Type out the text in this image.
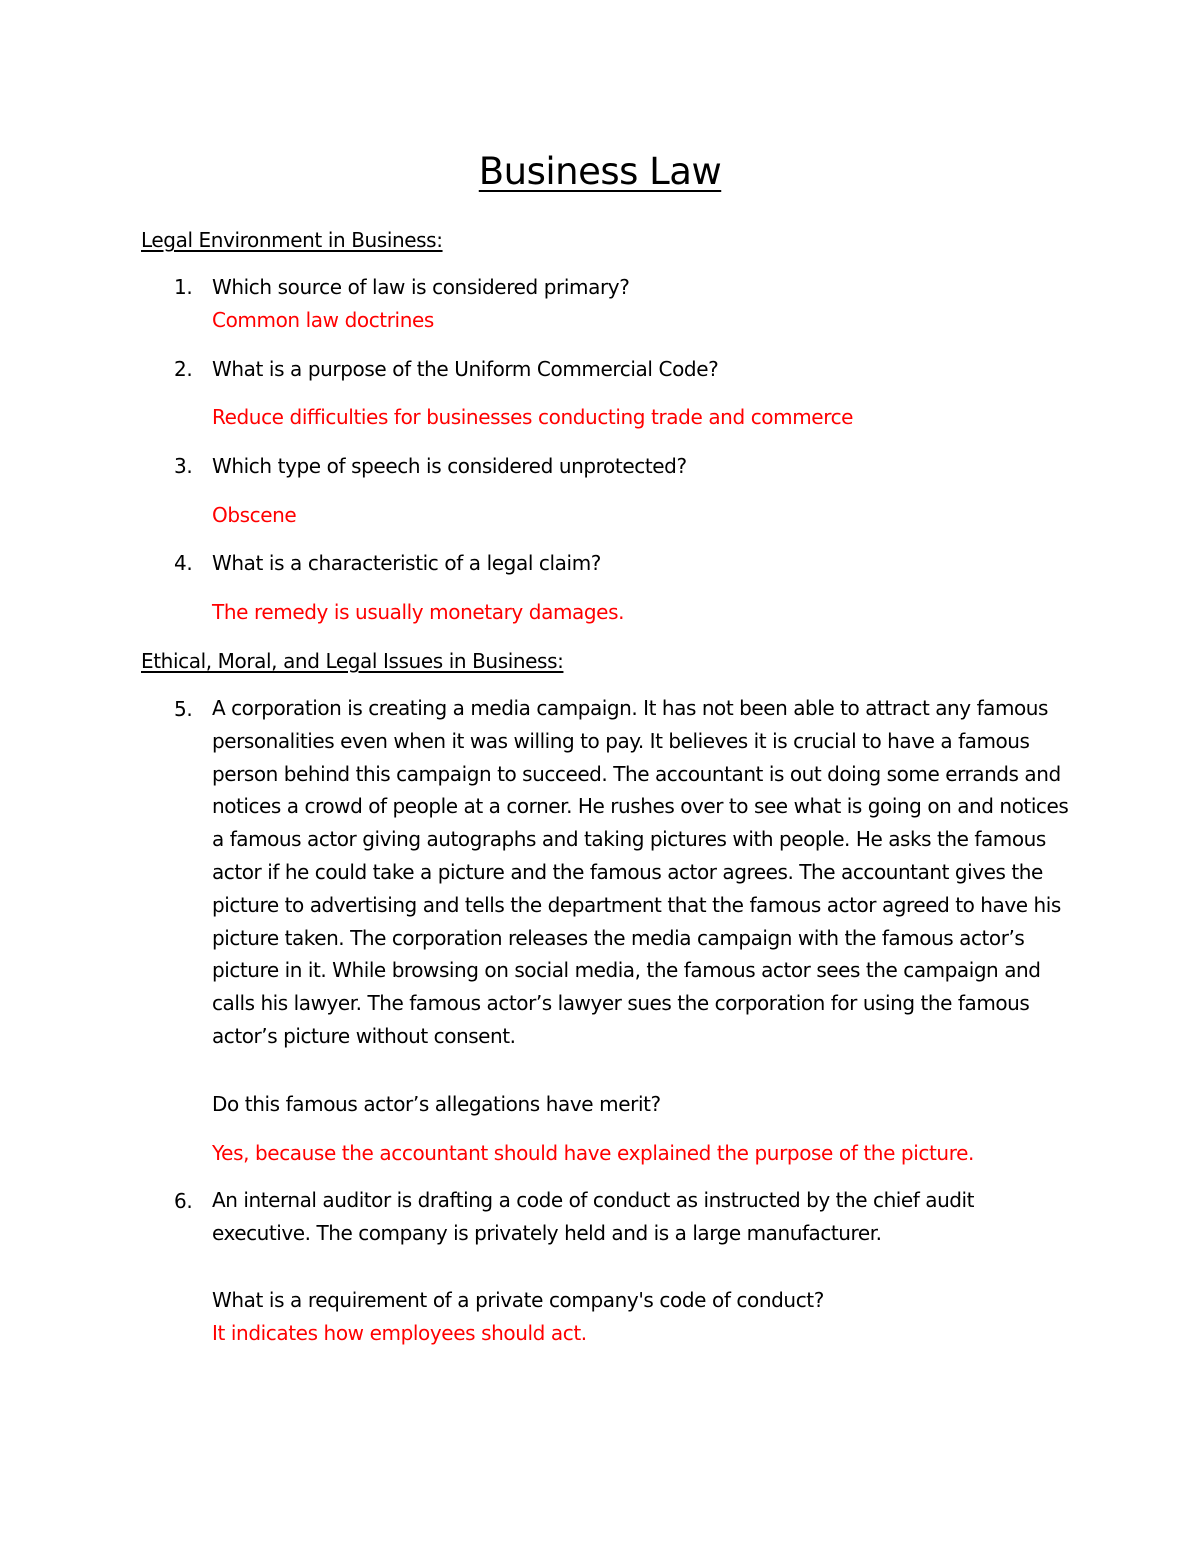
Business Law
Legal Environment in Business:
1. Which source of law is considered primary?
Common law doctrines
2. What is a purpose of the Uniform Commercial Code?
Reduce difficulties for businesses conducting trade and commerce
3. Which type of speech is considered unprotected?
Obscene
4. What is a characteristic of a legal claim?
The remedy is usually monetary damages.
Ethical, Moral, and Legal Issues in Business:
5. A corporation is creating a media campaign. It has not been able to attract any famous personalities even when it was willing to pay. It believes it is crucial to have a famous person behind this campaign to succeed. The accountant is out doing some errands and notices a crowd of people at a corner. He rushes over to see what is going on and notices a famous actor giving autographs and taking pictures with people. He asks the famous actor if he could take a picture and the famous actor agrees. The accountant gives the picture to advertising and tells the department that the famous actor agreed to have his picture taken. The corporation releases the media campaign with the famous actor’s picture in it. While browsing on social media, the famous actor sees the campaign and calls his lawyer. The famous actor’s lawyer sues the corporation for using the famous actor’s picture without consent.
Do this famous actor’s allegations have merit?
Yes, because the accountant should have explained the purpose of the picture.
6. An internal auditor is drafting a code of conduct as instructed by the chief audit executive. The company is privately held and is a large manufacturer.
What is a requirement of a private company's code of conduct?
It indicates how employees should act.
